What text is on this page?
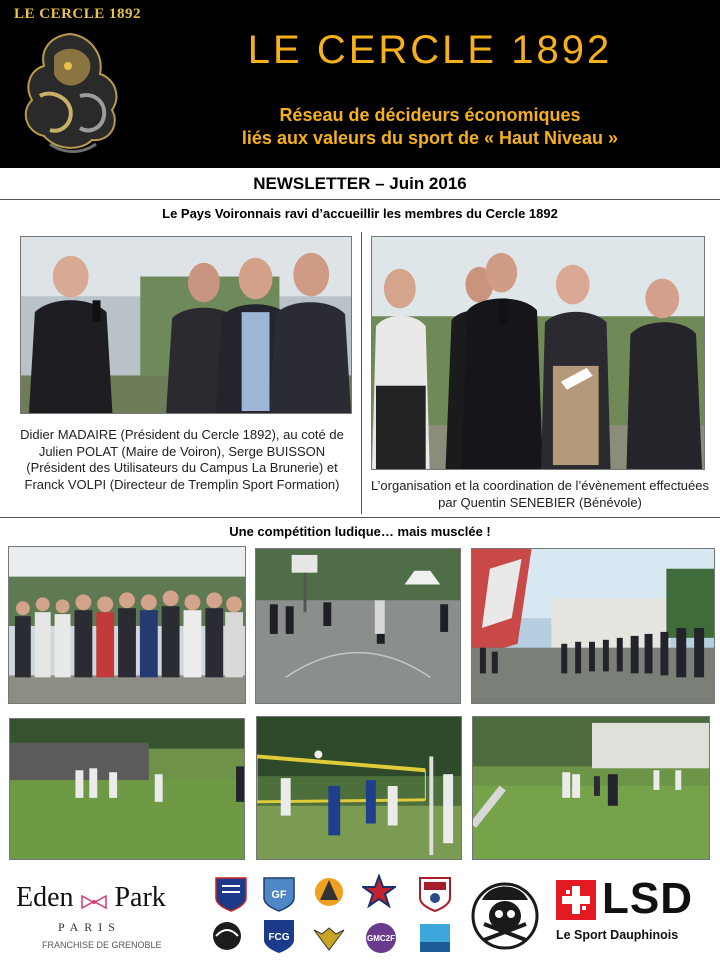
LE CERCLE 1892
LE CERCLE 1892
Réseau de décideurs économiques
liés aux valeurs du sport de « Haut Niveau »
NEWSLETTER – Juin 2016
Le Pays Voironnais ravi d’accueillir les membres du Cercle 1892
Didier MADAIRE (Président du Cercle 1892), au coté de Julien POLAT (Maire de Voiron), Serge BUISSON (Président des Utilisateurs du Campus La Brunerie) et Franck VOLPI (Directeur de Tremplin Sport Formation)	L’organisation et la coordination de l’évènement effectuées par Quentin SENEBIER (Bénévole)
Une compétition ludique… mais musclée !
Eden Park
PARIS
FRANCHISE DE GRENOBLE
GF
FCG	GMC2F
LSD
Le Sport Dauphinois
